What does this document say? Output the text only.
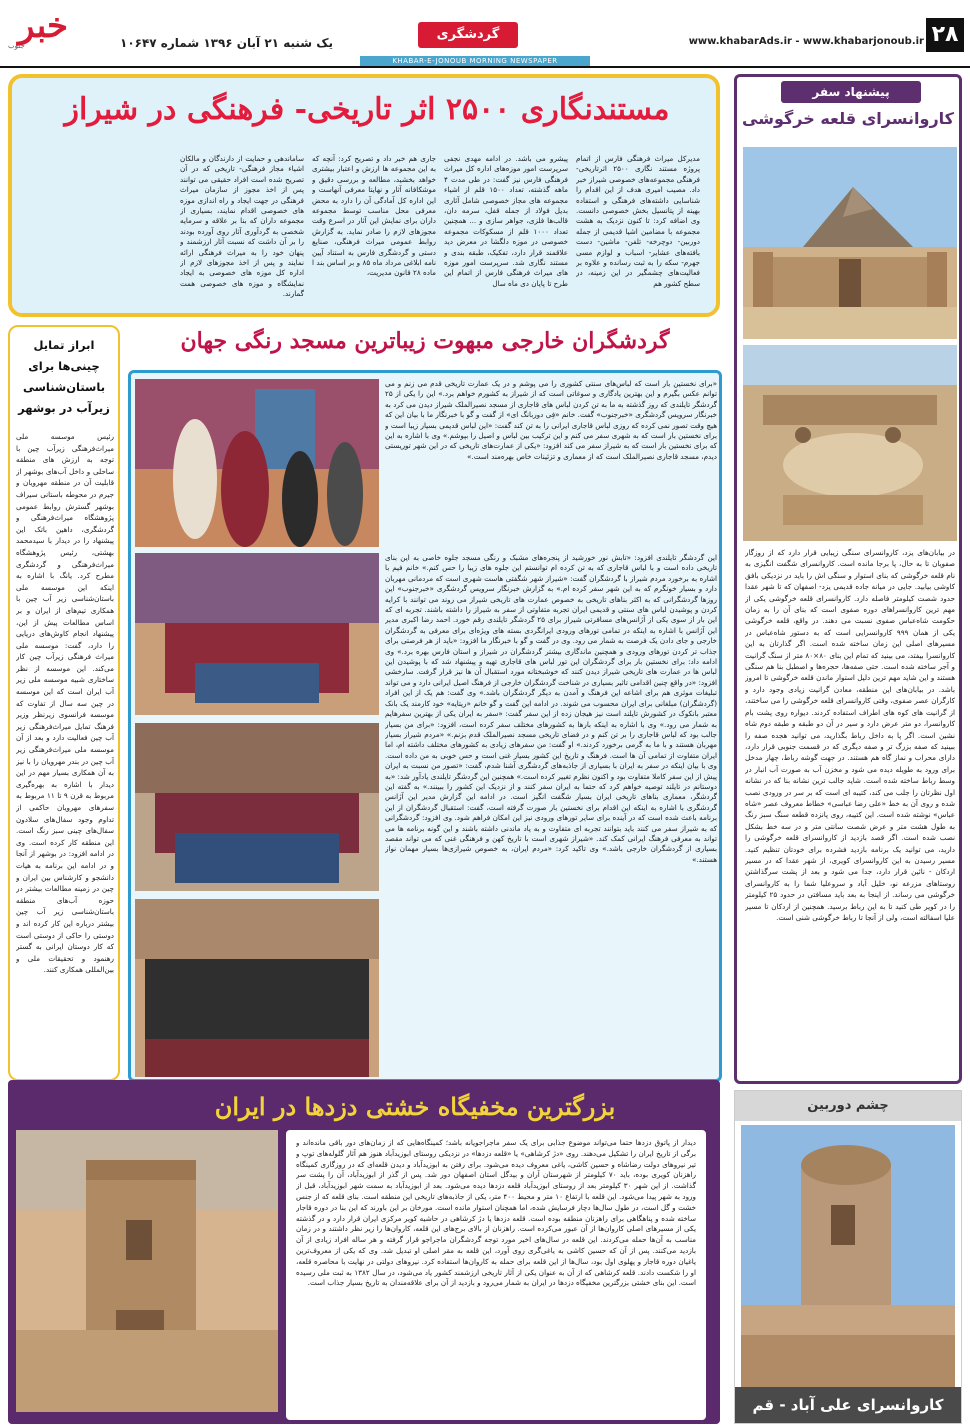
خبر
جنوب	یک شنبه ۲۱ آبان ۱۳۹۶ شماره ۱۰۶۴۷
گردشگری	www.khabarAds.ir - www.khabarjonoub.ir ۲۸
KHABAR-E-JONOUB MORNING NEWSPAPER
مستندنگاری ۲۵۰۰ اثر تاریخی- فرهنگی در شیراز
مدیرکل میراث فرهنگی فارس از اتمام پروژه مستند نگاری ۲۵۰۰ اثرتاریخی- فرهنگی مجموعه‌های خصوصی شیراز خبر داد. مصیب امیری هدف از این اقدام را شناسایی داشته‌های فرهنگی و استفاده بهینه از پتانسیل بخش خصوصی دانست. وی اضافه کرد: تا کنون نزدیک به هشت مجموعه با مضامین اشیا قدیمی از جمله دوربین- دوچرخه- تلفن- ماشین- دست بافته‌های عشایر- اسباب و لوازم مسی جهرم- سکه را به ثبت رسانده و علاوه بر فعالیت‌های چشمگیر در این زمینه، در سطح کشور هم
پیشرو می باشد. در ادامه مهدی نجفی سرپرست امور موزه‌های اداره کل میراث فرهنگی فارس نیز گفت: در طی مدت ۴ ماهه گذشته، تعداد ۱۵۰۰ قلم از اشیاء مجموعه های مجاز خصوصی شامل آثاری بدیل فولاد از جمله قفل، سرمه دان، قالب‌ها فلزی، جواهر سازی و ... همچنین تعداد ۱۰۰۰ قلم از مسکوکات مجموعه خصوصی در موزه دلگشا در معرض دید علاقمند قرار دارد، تفکیک، طبقه بندی و مستند نگاری شد. سرپرست امور موزه های میراث فرهنگی فارس از اتمام این طرح تا پایان دی ماه سال
جاری هم خبر داد و تصریح کرد: آنچه که به این مجموعه ها ارزش و اعتبار بیشتری خواهد بخشید، مطالعه و بررسی دقیق و موشکافانه آثار و نهایتا معرفی آنهاست و این اداره کل آمادگی آن را دارد به محض معرفی محل مناسب توسط مجموعه داران برای نمایش این آثار در اسرع وقت مجوزهای لازم را صادر نماید. به گزارش روابط عمومی میراث فرهنگی، صنایع دستی و گردشگری فارس به استناد آیین نامه ابلاغی مرداد ماه ۸۵ و بر اساس بند ا ماده ۲۸ قانون مدیریت،
ساماندهی و حمایت از دارندگان و مالکان اشیاء مجاز فرهنگی- تاریخی که در آن تصریح شده است افراد حقیقی می توانند پس از اخذ مجوز از سازمان میراث فرهنگی در جهت ایجاد و راه اندازی موزه های خصوصی اقدام نمایند، بسیاری از مجموعه داران که بنا بر علاقه و سرمایه شخصی به گردآوری آثار روی آورده بودند را بر آن داشت که نسبت آثار ارزشمند و پنهان خود را به میراث فرهنگی ارائه نمایند و پس از اخذ مجوزهای لازم از اداره کل موزه های خصوصی به ایجاد نمایشگاه و موزه های خصوصی همت گمارند.
پیشنهاد سفر
کاروانسرای قلعه خرگوشی
در بیابان‌های یزد، کاروانسرای سنگی زیبایی قرار دارد که از روزگار صفویان تا به حال، پا برجا مانده است. کاروانسرای شگفت انگیزی به نام قلعه خرگوشی که بنای استوار و سنگی اش را باید در نزدیکی بافق کاوشی بیابید. جایی در میانه جاده قدیمی یزد- اصفهان که تا شهر عقدا حدود شصت کیلومتر فاصله دارد. کاروانسرای قلعه خرگوشی یکی از مهم ترین کاروانسراهای دوره صفوی است که بنای آن را به زمان حکومت شاه‌عباس صفوی نسبت می دهند. در واقع، قلعه خرگوشی یکی از همان ۹۹۹ کاروانسرایی است که به دستور شاه‌عباس در مسیرهای اصلی این زمان ساخته شده است. اگر گذارتان به این کاروانسرا بیفتد، می بینید که تمام این بنای ۸۰×۸۰ متر از سنگ گرانیت و آجر ساخته شده است. حتی صفه‌ها، حجره‌ها و اصطبل بنا هم سنگی هستند و این شاید مهم ترین دلیل استوار ماندن قلعه خرگوشی تا امروز باشد. در بیابان‌های این منطقه، معادن گرانیت زیادی وجود دارد و کارگران عصر صفوی، وقتی کاروانسرای قلعه خرگوشی را می ساختند، از گرانیت های کوه های اطراف استفاده کردند. دیواره روی پشت بام کاروانسرا، دو متر عرض دارد و سیر در آن دو طبقه و طبقه دوم شاه نشین است. اگر پا به داخل رباط بگذارید، می توانید هجده صفه را ببینید که صفه بزرگ تر و صفه دیگری که در قسمت جنوبی قرار دارد، دارای محراب و نماز گاه هم هستند. در جهت گوشه رباط، چهار مدخل برای ورود به طویله دیده می شود و مخزن آب به صورت آب انبار در وسط رباط ساخته شده است. شاید جالب ترین نشانه بنا که در نشانه اول نظرتان را جلب می کند، کتیبه ای است که بر سر در ورودی نصب شده و روی آن به خط «علی رضا عباسی» خطاط معروف عصر «شاه عباس» نوشته شده است. این کتیبه، روی پانزده قطعه سنگ سبز رنگ به طول هشت متر و عرض شصت سانتی متر و در سه خط بشکل نصب شده است. اگر قصد بازدید از کاروانسرای قلعه خرگوشی را دارید، می توانید یک برنامه بازدید فشرده برای خودتان تنظیم کنید. مسیر رسیدن به این کاروانسرای کویری، از شهر عقدا که در مسیر اردکان - نائین قرار دارد، جدا می شود و بعد از پشت سرگذاشتن روستاهای مزرعه نو، خلیل آباد و سروعلیا شما را به کاروانسرای خرگوشی می رساند. از اینجا به بعد باید مسافتی در حدود ۲۵ کیلومتر را در کویر طی کنید تا به این رباط برسید. همچنین از اردکان تا مسیر علیا اسفالته است، ولی از آنجا تا رباط خرگوشی شنی است.
ابراز تمایل چینی‌ها برای باستان‌شناسی زیرآب در بوشهر
رئیس موسسه ملی میراث‌فرهنگی زیرآب چین با توجه به ارزش های منطقه ساحلی و داخل آب‌های بوشهر از قابلیت آن در منطقه مهرویان و جیرم در محوطه باستانی سیراف بوشهر گسترش روابط عمومی پژوهشگاه میراث‌فرهنگی و گردشگری، داهین باتک این پیشنهاد را در دیدار با سیدمحمد بهشتی، رئیس پژوهشگاه میراث‌فرهنگی و گردشگری مطرح کرد. یانگ با اشاره به اینکه این موسسه ملی باستان‌شناسی زیر آب چین با همکاری تیم‌های از ایران و بر اساس مطالعات پیش از این، پیشنهاد انجام کاوش‌های دریایی را دارد، گفت: موسسه ملی میراث فرهنگی زیرآب چین کار می‌کند. این موسسه از نظر ساختاری شبیه موسسه ملی زیر آب ایران است که این موسسه در چین سه سال از تفاوت که موسسه فرانسوی زیرنظر وزیر فرهنگ تمایل میراث‌فرهنگی زیر آب چین فعالیت دارد و بعد از آن موسسه ملی میراث‌فرهنگی زیر آب چین در بندر مهرویان را با نیز به آن همکاری بسیار مهم در این دیدار با اشاره به بهره‌گیری مربوط به قرن ۹ تا ۱۱ مربوط به سفرهای مهرویان حاکمی از تداوم وجود سفال‌های سلادون سفال‌های چینی سبز رنگ است. این منطقه کار کرده است. وی در ادامه افزود: در بوشهر از آنجا و در ادامه این برنامه به هیات دانشجو و کارشناس بین ایران و چین در زمینه مطالعات بیشتر در حوزه آب‌های منطقه باستان‌شناسی زیر آب چین بیشتر درباره این کار کرده اند و دوستی را حاکی از دوستی است که کار دوستان ایرانی به گستر رهنمود و تحقیقات ملی و بین‌المللی همکاری کنند.
گردشگران خارجی مبهوت زیباترین مسجد رنگی جهان
«برای نخستین بار است که لباس‌های سنتی کشوری را می پوشم و در یک عمارت تاریخی قدم می زنم و می توانم عکس بگیرم و این بهترین یادگاری و سوغاتی است که از شیراز به کشورم خواهم برد.» این را یکی از ۲۵ گردشگر تایلندی که روز گذشته به ما به تن کردن لباس های قاجاری از مسجد نصیرالملک شیراز دیدن می کرد به خبرنگار سرویس گردشگری «خبرجنوب» گفت. خانم «فِی دوربانگ ای» از گفت و گو با خبرنگار ما با بیان این که هیچ وقت تصور نمی کرده که روزی لباس قاجاری ایرانی را به تن کند گفت: «این لباس قدیمی بسیار زیبا است و برای نخستین بار است که به شهری سفر می کنم و این ترکیب بین لباس و اصیل را بپوشم.» وی با اشاره به این که برای نخستین بار است که به شیراز سفر می کند افزود: «یکی از عمارت‌های تاریخی که در این شهر توریستی دیدم، مسجد قاجاری نصیرالملک است که از معماری و تزئینات خاص بهره‌مند است.»
این گردشگر تایلندی افزود: «تابش نور خورشید از پنجره‌های مشبک و رنگی مسجد جلوه خاصی به این بنای تاریخی داده است و با لباس قاجاری که به تن کرده ام توانستم این جلوه های زیبا را حس کنم.» خانم فیم با اشاره به برخورد مردم شیراز با گردشگران گفت: «شیراز شهر شگفتی هاست شهری است که مردمانی مهربان دارد و بسیار خونگرم که به این شهر سفر کرده ام.» به گزارش خبرنگار سرویس گردشگری «خبرجنوب» این روزها گردشگرانی که به اکثر بناهای تاریخی به خصوص عمارت های تاریخی شیراز می روند می توانند با کرایه کردن و پوشیدن لباس های سنتی و قدیمی ایران تجربه متفاوتی از سفر به شیراز را داشته باشند. تجربه ای که این بار از سوی یکی از آژانس‌های مسافرتی شیراز برای ۲۵ گردشگر تایلندی رقم خورد. احمد رضا اکبری مدیر این آژانس با اشاره به اینکه در تمامی تورهای ورودی ایرانگردی بسته های ویژه‌ای برای معرفی به گردشگران خارجی و جای دادن یک فرصت به شمار می رود. وی در گفت و گو با خبرنگار ما افزود: «باید از هر فرصتی برای جذاب تر کردن تورهای ورودی و همچنین ماندگاری بیشتر گردشگران در شیراز و استان فارس بهره برد.» وی ادامه داد: برای نخستین بار برای گردشگران این تور لباس های قاجاری تهیه و پیشنهاد شد که با پوشیدن این لباس ها در عمارت های تاریخی شیراز دیدن کنند که خوشبختانه مورد استقبال آن ها نیز قرار گرفت. سارخشی افزود: «در واقع چنین اقدامی تاثیر بسیاری در شناخت گردشگران خارجی از فرهنگ اصیل ایرانی دارد و می تواند تبلیغات موثری هم برای اشاعه این فرهنگ و آمدن به دیگر گردشگران باشد.» وی گفت: هم یک از این افراد (گردشگران) مبلغانی برای ایران محسوب می شوند. در ادامه این گفت و گو خانم «ریتایه» خود کارمند یک بانک معتبر بانکوک در کشورش تایلند است نیز هیجان زده از این سفر گفت: «سفر به ایران یکی از بهترین سفرهایم به شمار می رود.» وی با اشاره به اینکه بارها به کشورهای مختلف سفر کرده است، افزود: «برای من بسیار جالب بود که لباس قاجاری را بر تن کنم و در فضای تاریخی مسجد نصیرالملک قدم بزنم.» «مردم شیراز بسیار مهربان هستند و با ما به گرمی برخورد کردند.» او گفت: من سفرهای زیادی به کشورهای مختلف داشته ام، اما ایران متفاوت از تمامی آن ها است. فرهنگ و تاریخ این کشور بسیار غنی است و حس خوبی به من داده است. وی با بیان اینکه در سفر به ایران با بسیاری از جاذبه‌های گردشگری آشنا شدم، گفت: «تصور من نسبت به ایران پیش از این سفر کاملا متفاوت بود و اکنون نظرم تغییر کرده است.» همچنین این گردشگر تایلندی یادآور شد: «به دوستانم در تایلند توصیه خواهم کرد که حتما به ایران سفر کنند و از نزدیک این کشور را ببینند.» به گفته این گردشگر، معماری بناهای تاریخی ایران بسیار شگفت انگیز است. در ادامه این گزارش مدیر این آژانس گردشگری با اشاره به اینکه این اقدام برای نخستین بار صورت گرفته است، گفت: استقبال گردشگران از این برنامه باعث شده است که در آینده برای سایر تورهای ورودی نیز این امکان فراهم شود. وی افزود: گردشگرانی که به شیراز سفر می کنند باید بتوانند تجربه ای متفاوت و به یاد ماندنی داشته باشند و این گونه برنامه ها می تواند به معرفی فرهنگ ایرانی کمک کند. «شیراز شهری است با تاریخ کهن و فرهنگی غنی که می تواند مقصد بسیاری از گردشگران خارجی باشد.» وی تاکید کرد: «مردم ایران، به خصوص شیرازی‌ها بسیار مهمان نواز هستند.»
بزرگترین مخفیگاه خشتی دزدها در ایران
دیدار از پاتوق دزدها حتما می‌تواند موضوع جذابی برای یک سفر ماجراجویانه باشد؛ کمینگاه‌هایی که از زمان‌های دور باقی مانده‌اند و برگی از تاریخ ایران را تشکیل می‌دهند. روی «دژ کرشاهی» یا «قلعه دزدها» در نزدیکی روستای ابوزیدآباد هنوز هم آثار گلوله‌های توپ و تیر نیروهای دولت رضاشاه و حسین کاشی، یاغی معروف دیده می‌شود. برای رفتن به ابوزیدآباد و دیدن قلعه‌ای که در روزگاری کمینگاه راهزنان کویری بوده، باید ۷۰ کیلومتر از شهرستان آران و بیدگل استان اصفهان دور شد. پس از گذر از ابوزیدآباد، آن را پشت سر گذاشت. از این شهر ۳۰ کیلومتر بعد از روستای ابوزیدآباد قلعه دزدها دیده می‌شود. بعد از ابوزیدآباد به سمت شهر ابوزیدآباد، قبل از ورود به شهر پیدا می‌شود. این قلعه با ارتفاع ۱۰ متر و محیط ۴۰۰ متر، یکی از جاذبه‌های تاریخی این منطقه است. بنای قلعه که از جنس خشت و گل است، در طول سال‌ها دچار فرسایش شده، اما همچنان استوار مانده است. مورخان بر این باورند که این بنا در دوره قاجار ساخته شده و پناهگاهی برای راهزنان منطقه بوده است. قلعه دزدها یا دژ کرشاهی در حاشیه کویر مرکزی ایران قرار دارد و در گذشته یکی از مسیرهای اصلی کاروان‌ها از آن عبور می‌کرده است. راهزنان از بالای برج‌های این قلعه، کاروان‌ها را زیر نظر داشتند و در زمان مناسب به آن‌ها حمله می‌کردند. این قلعه در سال‌های اخیر مورد توجه گردشگران ماجراجو قرار گرفته و هر ساله افراد زیادی از آن بازدید می‌کنند. پس از آن که حسین کاشی به یاغی‌گری روی آورد، این قلعه به مقر اصلی او تبدیل شد. وی که یکی از معروف‌ترین یاغیان دوره قاجار و پهلوی اول بود، سال‌ها از این قلعه برای حمله به کاروان‌ها استفاده کرد. نیروهای دولتی در نهایت با محاصره قلعه، او را شکست دادند. قلعه کرشاهی که از آن به عنوان یکی از آثار تاریخی ارزشمند کشور یاد می‌شود، در سال ۱۳۸۲ به ثبت ملی رسیده است. این بنای خشتی بزرگترین مخفیگاه دزدها در ایران به شمار می‌رود و بازدید از آن برای علاقه‌مندان به تاریخ بسیار جذاب است.
چشم دوربین
کاروانسرای علی آباد - قم
